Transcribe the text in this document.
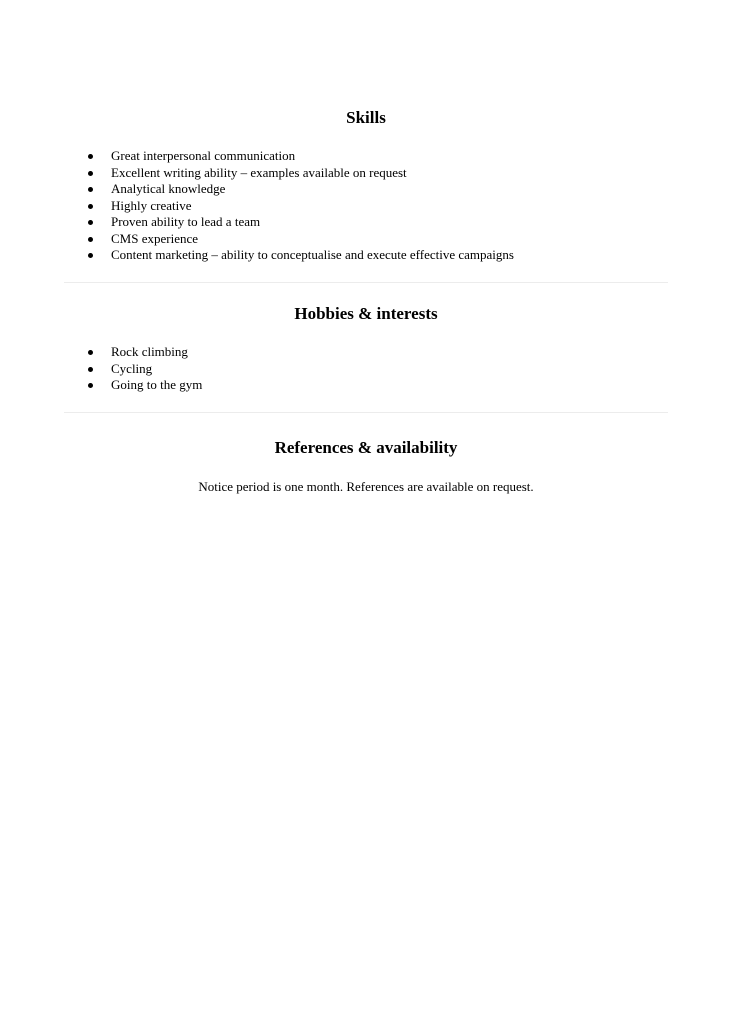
Skills
Great interpersonal communication
Excellent writing ability – examples available on request
Analytical knowledge
Highly creative
Proven ability to lead a team
CMS experience
Content marketing – ability to conceptualise and execute effective campaigns
Hobbies & interests
Rock climbing
Cycling
Going to the gym
References & availability

Notice period is one month. References are available on request.
